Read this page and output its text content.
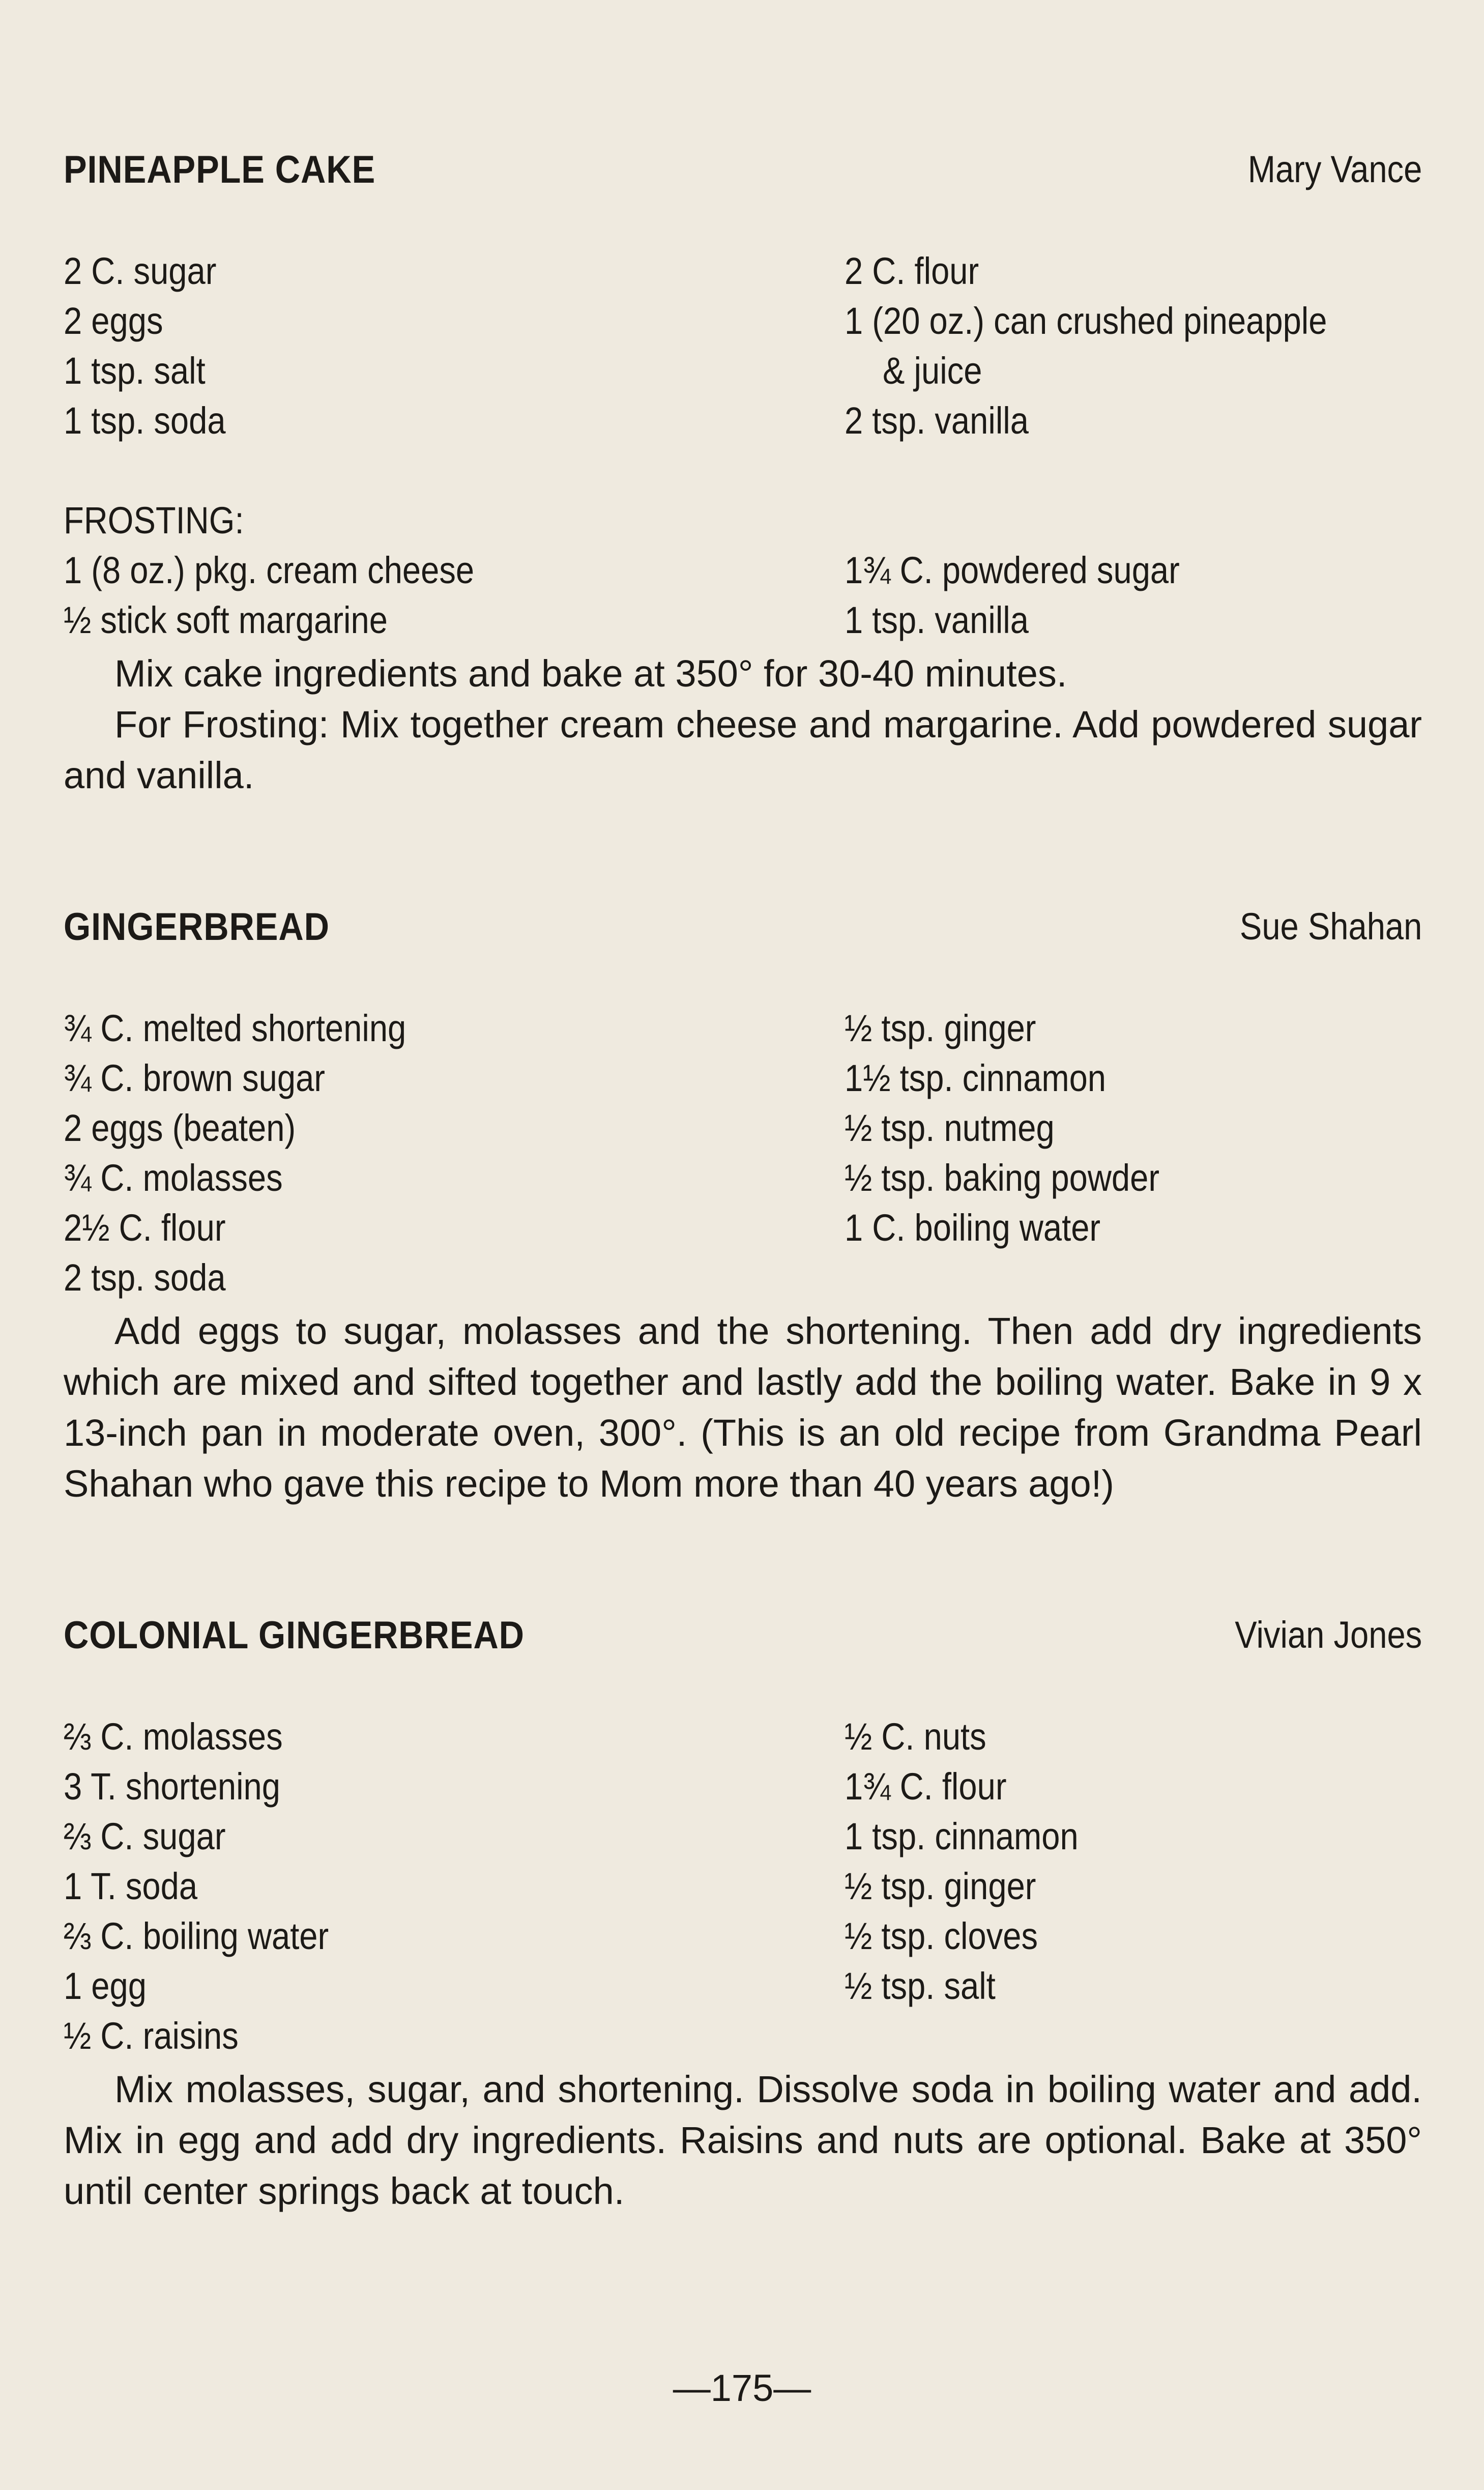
PINEAPPLE CAKE	Mary Vance
2 C. sugar	2 C. flour
2 eggs	1 (20 oz.) can crushed pineapple
1 tsp. salt	& juice
1 tsp. soda	2 tsp. vanilla
FROSTING:
1 (8 oz.) pkg. cream cheese	1¾ C. powdered sugar
½ stick soft margarine	1 tsp. vanilla

Mix cake ingredients and bake at 350° for 30-40 minutes.

For Frosting: Mix together cream cheese and margarine. Add powdered sugar and vanilla.

GINGERBREAD	Sue Shahan
¾ C. melted shortening	½ tsp. ginger
¾ C. brown sugar	1½ tsp. cinnamon
2 eggs (beaten)	½ tsp. nutmeg
¾ C. molasses	½ tsp. baking powder
2½ C. flour	1 C. boiling water
2 tsp. soda

Add eggs to sugar, molasses and the shortening. Then add dry ingredients which are mixed and sifted together and lastly add the boiling water. Bake in 9 x 13-inch pan in moderate oven, 300°. (This is an old recipe from Grandma Pearl Shahan who gave this recipe to Mom more than 40 years ago!)

COLONIAL GINGERBREAD	Vivian Jones
⅔ C. molasses	½ C. nuts
3 T. shortening	1¾ C. flour
⅔ C. sugar	1 tsp. cinnamon
1 T. soda	½ tsp. ginger
⅔ C. boiling water	½ tsp. cloves
1 egg	½ tsp. salt
½ C. raisins

Mix molasses, sugar, and shortening. Dissolve soda in boiling water and add. Mix in egg and add dry ingredients. Raisins and nuts are optional. Bake at 350° until center springs back at touch.

—175—
